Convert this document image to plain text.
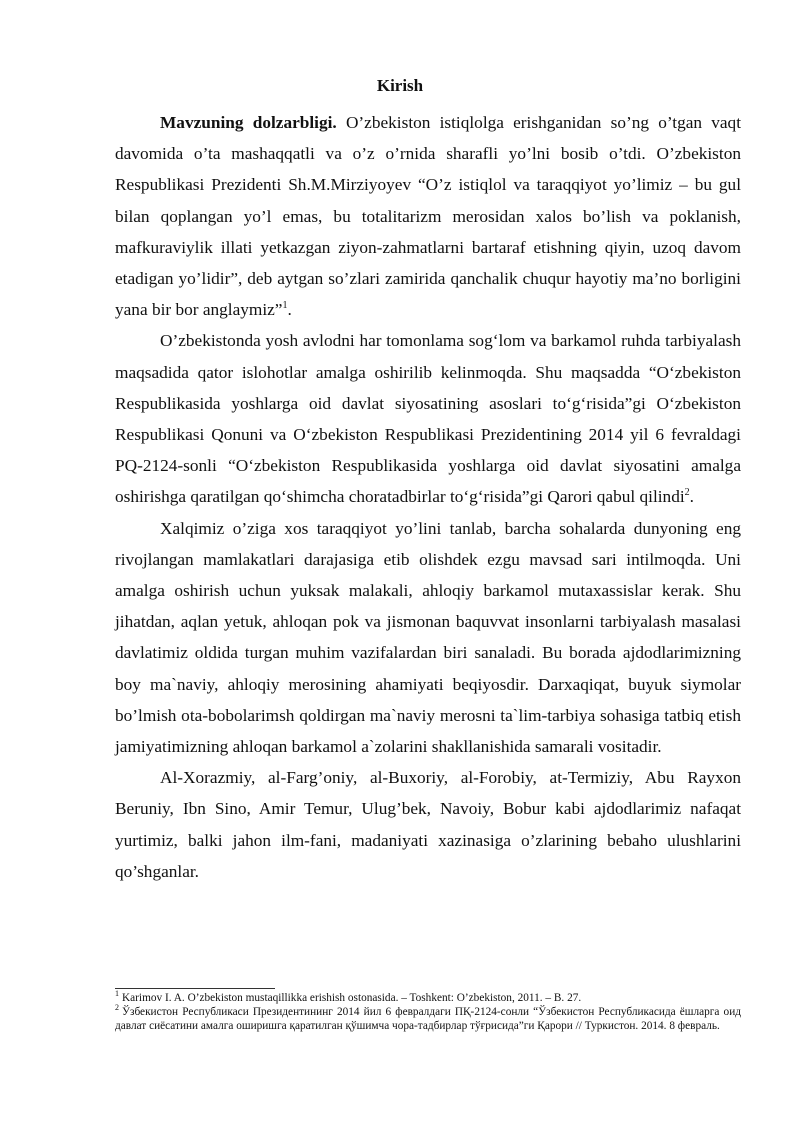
Kirish

Mavzuning dolzarbligi. O’zbekiston istiqlolga erishganidan so’ng o’tgan vaqt davomida o’ta mashaqqatli va o’z o’rnida sharafli yo’lni bosib o’tdi. O’zbekiston Respublikasi Prezidenti Sh.M.Mirziyoyev “O’z istiqlol va taraqqiyot yo’limiz – bu gul bilan qoplangan yo’l emas, bu totalitarizm merosidan xalos bo’lish va poklanish, mafkuraviylik illati yetkazgan ziyon-zahmatlarni bartaraf etishning qiyin, uzoq davom etadigan yo’lidir”, deb aytgan so’zlari zamirida qanchalik chuqur hayotiy ma’no borligini yana bir bor anglaymiz”$^1$.

O’zbekistonda yosh avlodni har tomonlama sog‘lom va barkamol ruhda tarbiyalash maqsadida qator islohotlar amalga oshirilib kelinmoqda. Shu maqsadda “O‘zbekiston Respublikasida yoshlarga oid davlat siyosatining asoslari to‘g‘risida”gi O‘zbekiston Respublikasi Qonuni va O‘zbekiston Respublikasi Prezidentining 2014 yil 6 fevraldagi PQ-2124-sonli “O‘zbekiston Respublikasida yoshlarga oid davlat siyosatini amalga oshirishga qaratilgan qo‘shimcha choratadbirlar to‘g‘risida”gi Qarori qabul qilindi$^2$.

Xalqimiz o’ziga xos taraqqiyot yo’lini tanlab, barcha sohalarda dunyoning eng rivojlangan mamlakatlari darajasiga etib olishdek ezgu mavsad sari intilmoqda. Uni amalga oshirish uchun yuksak malakali, ahloqiy barkamol mutaxassislar kerak. Shu jihatdan, aqlan yetuk, ahloqan pok va jismonan baquvvat insonlarni tarbiyalash masalasi davlatimiz oldida turgan muhim vazifalardan biri sanaladi. Bu borada ajdodlarimizning boy ma`naviy, ahloqiy merosining ahamiyati beqiyosdir. Darxaqiqat, buyuk siymolar bo’lmish ota-bobolarimsh qoldirgan ma`naviy merosni ta`lim-tarbiya sohasiga tatbiq etish jamiyatimizning ahloqan barkamol a`zolarini shakllanishida samarali vositadir.

Al-Xorazmiy, al-Farg’oniy, al-Buxoriy, al-Forobiy, at-Termiziy, Abu Rayxon Beruniy, Ibn Sino, Amir Temur, Ulug’bek, Navoiy, Bobur kabi ajdodlarimiz nafaqat yurtimiz, balki jahon ilm-fani, madaniyati xazinasiga o’zlarining bebaho ulushlarini qo’shganlar.

$^1$ Karimov I. A. O’zbekiston mustaqillikka erishish ostonasida. – Toshkent: O’zbekiston, 2011. – B. 27.

$^2$ Ўзбекистон Республикаси Президентининг 2014 йил 6 февралдаги ПҚ-2124-сонли “Ўзбекистон Республикасида ёшларга оид давлат сиёсатини амалга оширишга қаратилган қўшимча чора-тадбирлар тўғрисида”ги Қарори // Туркистон. 2014. 8 февраль.
